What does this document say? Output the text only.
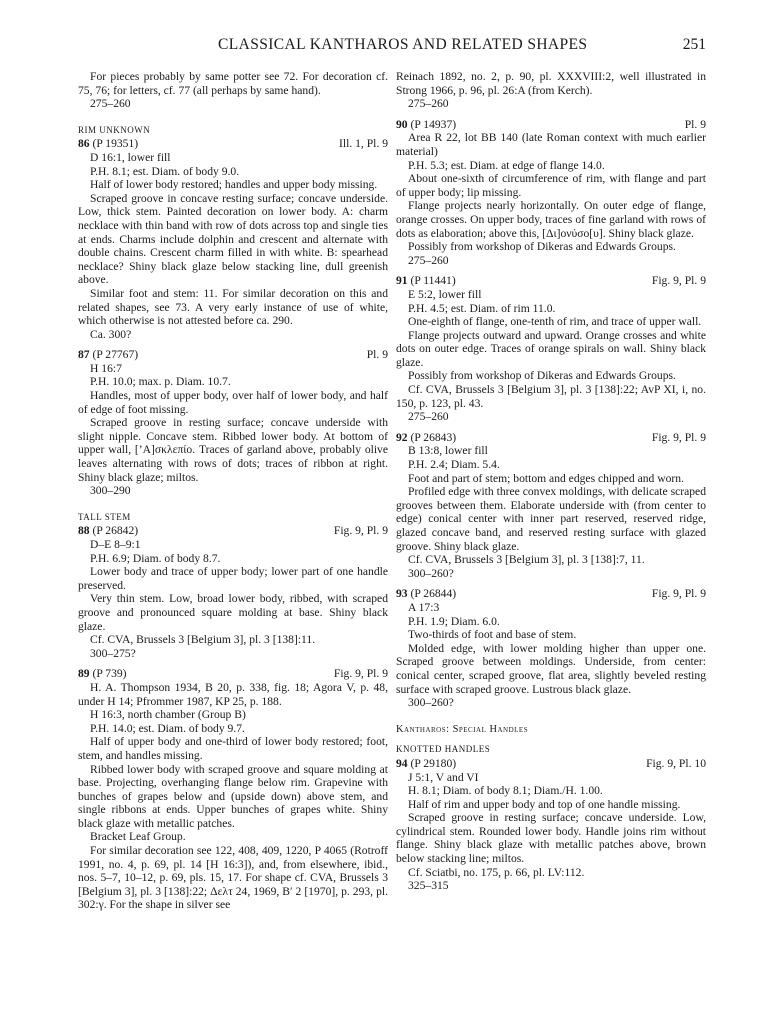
CLASSICAL KANTHAROS AND RELATED SHAPES	251

For pieces probably by same potter see 72. For decoration cf. 75, 76; for letters, cf. 77 (all perhaps by same hand).

275–260

RIM UNKNOWN

86 (P 19351)	Ill. 1, Pl. 9

D 16:1, lower fill

P.H. 8.1; est. Diam. of body 9.0.

Half of lower body restored; handles and upper body missing.

Scraped groove in concave resting surface; concave underside. Low, thick stem. Painted decoration on lower body. A: charm necklace with thin band with row of dots across top and single ties at ends. Charms include dolphin and crescent and alternate with double chains. Crescent charm filled in with white. B: spearhead necklace? Shiny black glaze below stacking line, dull greenish above.

Similar foot and stem: 11. For similar decoration on this and related shapes, see 73. A very early instance of use of white, which otherwise is not attested before ca. 290.

Ca. 300?

87 (P 27767)	Pl. 9

H 16:7

P.H. 10.0; max. p. Diam. 10.7.

Handles, most of upper body, over half of lower body, and half of edge of foot missing.

Scraped groove in resting surface; concave underside with slight nipple. Concave stem. Ribbed lower body. At bottom of upper wall, [’Α]σκλεπίο. Traces of garland above, probably olive leaves alternating with rows of dots; traces of ribbon at right. Shiny black glaze; miltos.

300–290

TALL STEM

88 (P 26842)	Fig. 9, Pl. 9

D–E 8–9:1

P.H. 6.9; Diam. of body 8.7.

Lower body and trace of upper body; lower part of one handle preserved.

Very thin stem. Low, broad lower body, ribbed, with scraped groove and pronounced square molding at base. Shiny black glaze.

Cf. CVA, Brussels 3 [Belgium 3], pl. 3 [138]:11.

300–275?

89 (P 739)	Fig. 9, Pl. 9

H. A. Thompson 1934, B 20, p. 338, fig. 18; Agora V, p. 48, under H 14; Pfrommer 1987, KP 25, p. 188.

H 16:3, north chamber (Group B)

P.H. 14.0; est. Diam. of body 9.7.

Half of upper body and one-third of lower body restored; foot, stem, and handles missing.

Ribbed lower body with scraped groove and square molding at base. Projecting, overhanging flange below rim. Grapevine with bunches of grapes below and (upside down) above stem, and single ribbons at ends. Upper bunches of grapes white. Shiny black glaze with metallic patches.

Bracket Leaf Group.

For similar decoration see 122, 408, 409, 1220, P 4065 (Rotroff 1991, no. 4, p. 69, pl. 14 [H 16:3]), and, from elsewhere, ibid., nos. 5–7, 10–12, p. 69, pls. 15, 17. For shape cf. CVA, Brussels 3 [Belgium 3], pl. 3 [138]:22; Δελτ 24, 1969, Β′ 2 [1970], p. 293, pl. 302:γ. For the shape in silver see

Reinach 1892, no. 2, p. 90, pl. XXXVIII:2, well illustrated in Strong 1966, p. 96, pl. 26:A (from Kerch).

275–260

90 (P 14937)	Pl. 9

Area R 22, lot BB 140 (late Roman context with much earlier material)

P.H. 5.3; est. Diam. at edge of flange 14.0.

About one-sixth of circumference of rim, with flange and part of upper body; lip missing.

Flange projects nearly horizontally. On outer edge of flange, orange crosses. On upper body, traces of fine garland with rows of dots as elaboration; above this, [Δι]ονύσο[υ]. Shiny black glaze.

Possibly from workshop of Dikeras and Edwards Groups.

275–260

91 (P 11441)	Fig. 9, Pl. 9

E 5:2, lower fill

P.H. 4.5; est. Diam. of rim 11.0.

One-eighth of flange, one-tenth of rim, and trace of upper wall.

Flange projects outward and upward. Orange crosses and white dots on outer edge. Traces of orange spirals on wall. Shiny black glaze.

Possibly from workshop of Dikeras and Edwards Groups.

Cf. CVA, Brussels 3 [Belgium 3], pl. 3 [138]:22; AvP XI, i, no. 150, p. 123, pl. 43.

275–260

92 (P 26843)	Fig. 9, Pl. 9

B 13:8, lower fill

P.H. 2.4; Diam. 5.4.

Foot and part of stem; bottom and edges chipped and worn.

Profiled edge with three convex moldings, with delicate scraped grooves between them. Elaborate underside with (from center to edge) conical center with inner part reserved, reserved ridge, glazed concave band, and reserved resting surface with glazed groove. Shiny black glaze.

Cf. CVA, Brussels 3 [Belgium 3], pl. 3 [138]:7, 11.

300–260?

93 (P 26844)	Fig. 9, Pl. 9

A 17:3

P.H. 1.9; Diam. 6.0.

Two-thirds of foot and base of stem.

Molded edge, with lower molding higher than upper one. Scraped groove between moldings. Underside, from center: conical center, scraped groove, flat area, slightly beveled resting surface with scraped groove. Lustrous black glaze.

300–260?

Kantharos: Special Handles

KNOTTED HANDLES

94 (P 29180)	Fig. 9, Pl. 10

J 5:1, V and VI

H. 8.1; Diam. of body 8.1; Diam./H. 1.00.

Half of rim and upper body and top of one handle missing.

Scraped groove in resting surface; concave underside. Low, cylindrical stem. Rounded lower body. Handle joins rim without flange. Shiny black glaze with metallic patches above, brown below stacking line; miltos.

Cf. Sciatbi, no. 175, p. 66, pl. LV:112.

325–315
